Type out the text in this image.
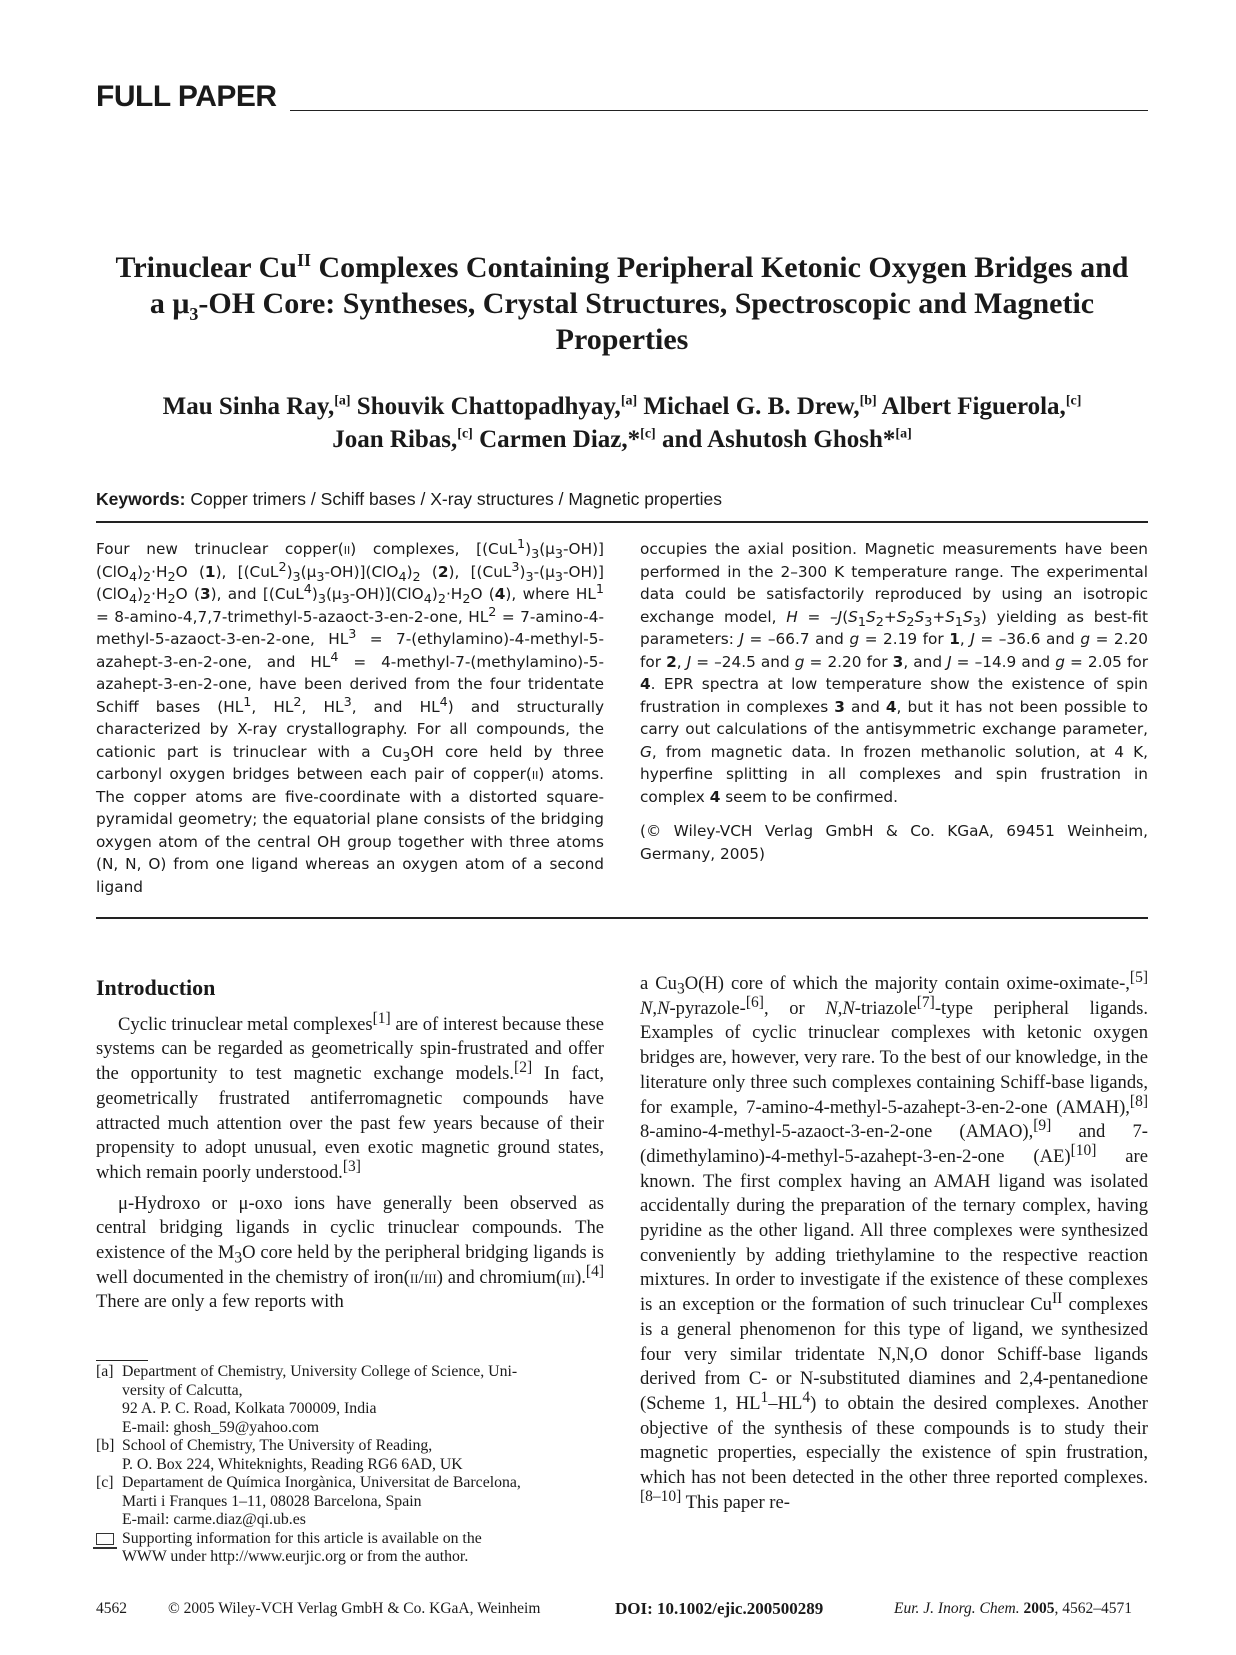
FULL PAPER
Trinuclear $Cu^{II}$ Complexes Containing Peripheral Ketonic Oxygen Bridges and
a $\mu_3-OH$ Core: Syntheses, Crystal Structures, Spectroscopic and Magnetic
Properties
Mau Sinha Ray,[a] Shouvik Chattopadhyay,[a] Michael G. B. Drew,[b] Albert Figuerola,[c]
Joan Ribas,[c] Carmen Diaz,*[c] and Ashutosh Ghosh*[a]
Keywords: Copper trimers / Schiff bases / X-ray structures / Magnetic properties

Four new trinuclear copper(ii) complexes, $[(CuL^1)_3(\mu_3-OH)](ClO_4)_2\cdot H_2O$ (1), $[(CuL^2)_3(\mu_3-OH)](ClO_4)_2$ (2), $[(CuL^3)_3-(\mu_3-OH)](ClO_4)_2\cdot H_2O$ (3), and $[(CuL^4)_3(\mu_3-OH)](ClO_4)_2\cdot H_2O$ (4), where $HL^1$ = 8-amino-4,7,7-trimethyl-5-azaoct-3-en-2-one, $HL^2$ = 7-amino-4-methyl-5-azaoct-3-en-2-one, $HL^3$ = 7-(ethylamino)-4-methyl-5-azahept-3-en-2-one, and $HL^4$ = 4-methyl-7-(methylamino)-5-azahept-3-en-2-one, have been derived from the four tridentate Schiff bases ($HL^1$, $HL^2$, $HL^3$, and $HL^4$) and structurally characterized by X-ray crystallography. For all compounds, the cationic part is trinuclear with a $Cu_3OH$ core held by three carbonyl oxygen bridges between each pair of copper(ii) atoms. The copper atoms are five-coordinate with a distorted square-pyramidal geometry; the equatorial plane consists of the bridging oxygen atom of the central OH group together with three atoms (N, N, O) from one ligand whereas an oxygen atom of a second ligand

occupies the axial position. Magnetic measurements have been performed in the 2–300 K temperature range. The experimental data could be satisfactorily reproduced by using an isotropic exchange model, $H = -J(S_1S_2+S_2S_3+S_1S_3)$ yielding as best-fit parameters: J = –66.7 and g = 2.19 for 1, J = –36.6 and g = 2.20 for 2, J = –24.5 and g = 2.20 for 3, and J = –14.9 and g = 2.05 for 4. EPR spectra at low temperature show the existence of spin frustration in complexes 3 and 4, but it has not been possible to carry out calculations of the antisymmetric exchange parameter, G, from magnetic data. In frozen methanolic solution, at 4 K, hyperfine splitting in all complexes and spin frustration in complex 4 seem to be confirmed.

(© Wiley-VCH Verlag GmbH & Co. KGaA, 69451 Weinheim, Germany, 2005)

Introduction

Cyclic trinuclear metal complexes[1] are of interest because these systems can be regarded as geometrically spin-frustrated and offer the opportunity to test magnetic exchange models.[2] In fact, geometrically frustrated antiferromagnetic compounds have attracted much attention over the past few years because of their propensity to adopt unusual, even exotic magnetic ground states, which remain poorly understood.[3]

μ-Hydroxo or μ-oxo ions have generally been observed as central bridging ligands in cyclic trinuclear compounds. The existence of the $M_3O$ core held by the peripheral bridging ligands is well documented in the chemistry of iron(ii/iii) and chromium(iii).[4] There are only a few reports with

a $Cu_3O(H)$ core of which the majority contain oxime-oximate-,[5] N,N-pyrazole-[6], or N,N-triazole[7]-type peripheral ligands. Examples of cyclic trinuclear complexes with ketonic oxygen bridges are, however, very rare. To the best of our knowledge, in the literature only three such complexes containing Schiff-base ligands, for example, 7-amino-4-methyl-5-azahept-3-en-2-one (AMAH),[8] 8-amino-4-methyl-5-azaoct-3-en-2-one (AMAO),[9] and 7-(dimethylamino)-4-methyl-5-azahept-3-en-2-one (AE)[10] are known. The first complex having an AMAH ligand was isolated accidentally during the preparation of the ternary complex, having pyridine as the other ligand. All three complexes were synthesized conveniently by adding triethylamine to the respective reaction mixtures. In order to investigate if the existence of these complexes is an exception or the formation of such trinuclear $Cu^{II}$ complexes is a general phenomenon for this type of ligand, we synthesized four very similar tridentate N,N,O donor Schiff-base ligands derived from C- or N-substituted diamines and 2,4-pentanedione (Scheme 1, $HL^1-HL^4$) to obtain the desired complexes. Another objective of the synthesis of these compounds is to study their magnetic properties, especially the existence of spin frustration, which has not been detected in the other three reported complexes.[8–10] This paper re-

[a] Department of Chemistry, University College of Science, Uni-
versity of Calcutta,
92 A. P. C. Road, Kolkata 700009, India
E-mail: ghosh_59@yahoo.com
[b] School of Chemistry, The University of Reading,
P. O. Box 224, Whiteknights, Reading RG6 6AD, UK
[c] Departament de Química Inorgànica, Universitat de Barcelona,
Marti i Franques 1–11, 08028 Barcelona, Spain
E-mail: carme.diaz@qi.ub.es
Supporting information for this article is available on the
WWW under http://www.eurjic.org or from the author.
4562	© 2005 Wiley-VCH Verlag GmbH & Co. KGaA, Weinheim	DOI: 10.1002/ejic.200500289	Eur. J. Inorg. Chem. 2005 , 4562–4571
